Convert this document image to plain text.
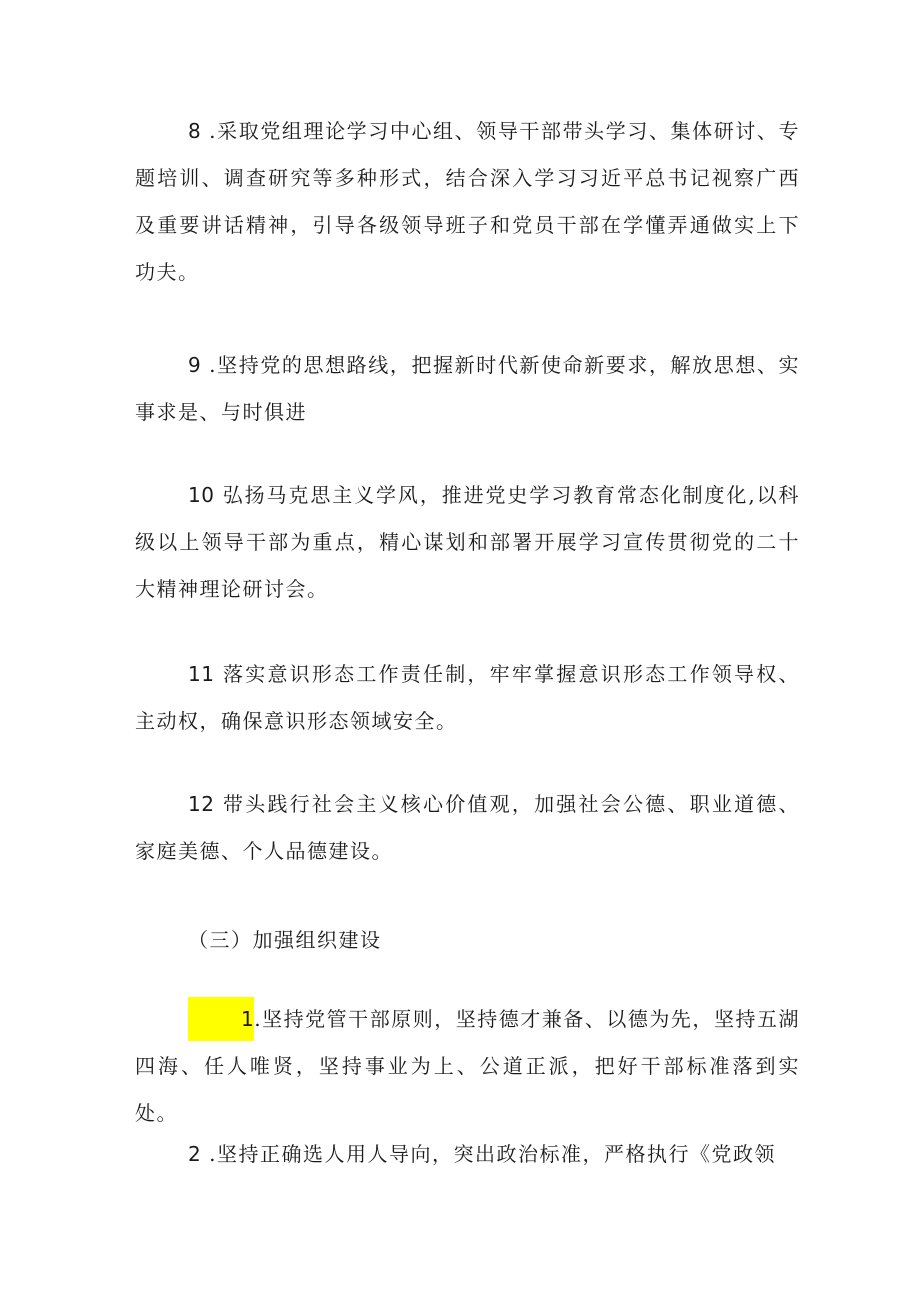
8 .采取党组理论学习中心组、领导干部带头学习、集体研讨、专题培训、调查研究等多种形式，结合深入学习习近平总书记视察广西及重要讲话精神，引导各级领导班子和党员干部在学懂弄通做实上下功夫。

9 .坚持党的思想路线，把握新时代新使命新要求，解放思想、实事求是、与时俱进

10 弘扬马克思主义学风，推进党史学习教育常态化制度化,以科级以上领导干部为重点，精心谋划和部署开展学习宣传贯彻党的二十大精神理论研讨会。

11 落实意识形态工作责任制，牢牢掌握意识形态工作领导权、主动权，确保意识形态领域安全。

12 带头践行社会主义核心价值观，加强社会公德、职业道德、家庭美德、个人品德建设。

（三）加强组织建设

1.坚持党管干部原则，坚持德才兼备、以德为先，坚持五湖四海、任人唯贤，坚持事业为上、公道正派，把好干部标准落到实处。

2 .坚持正确选人用人导向，突出政治标准，严格执行《党政领
